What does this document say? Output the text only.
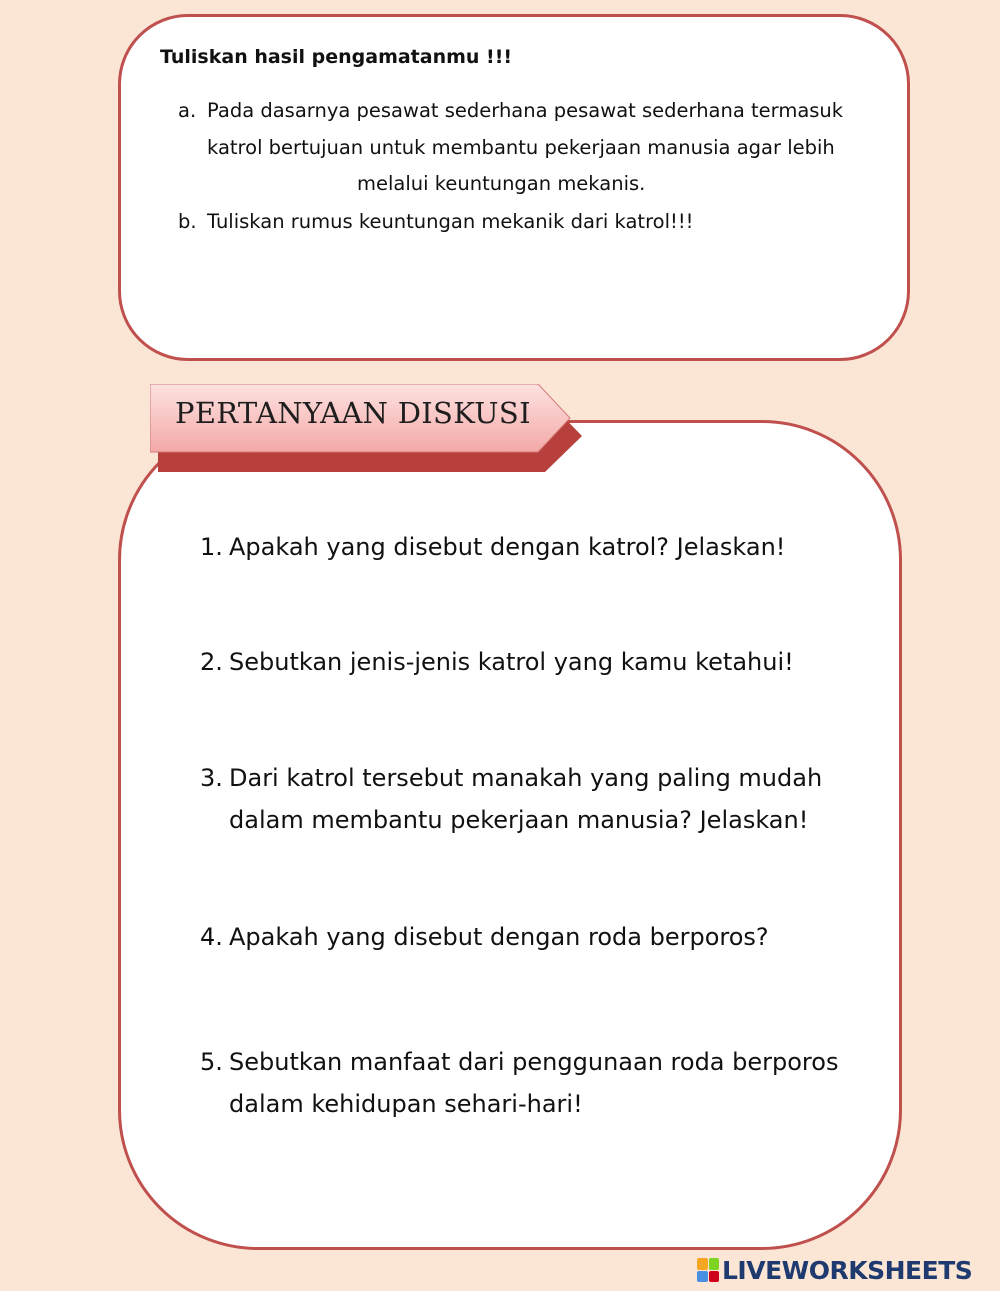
Tuliskan hasil pengamatanmu !!!
a. Pada dasarnya pesawat sederhana pesawat sederhana termasuk
katrol bertujuan untuk membantu pekerjaan manusia agar lebih
melalui keuntungan mekanis.
b. Tuliskan rumus keuntungan mekanik dari katrol!!!
PERTANYAAN DISKUSI
1. Apakah yang disebut dengan katrol? Jelaskan!
2. Sebutkan jenis-jenis katrol yang kamu ketahui!
3. Dari katrol tersebut manakah yang paling mudah
dalam membantu pekerjaan manusia? Jelaskan!
4. Apakah yang disebut dengan roda berporos?
5. Sebutkan manfaat dari penggunaan roda berporos
dalam kehidupan sehari-hari!
LIVEWORKSHEETS
